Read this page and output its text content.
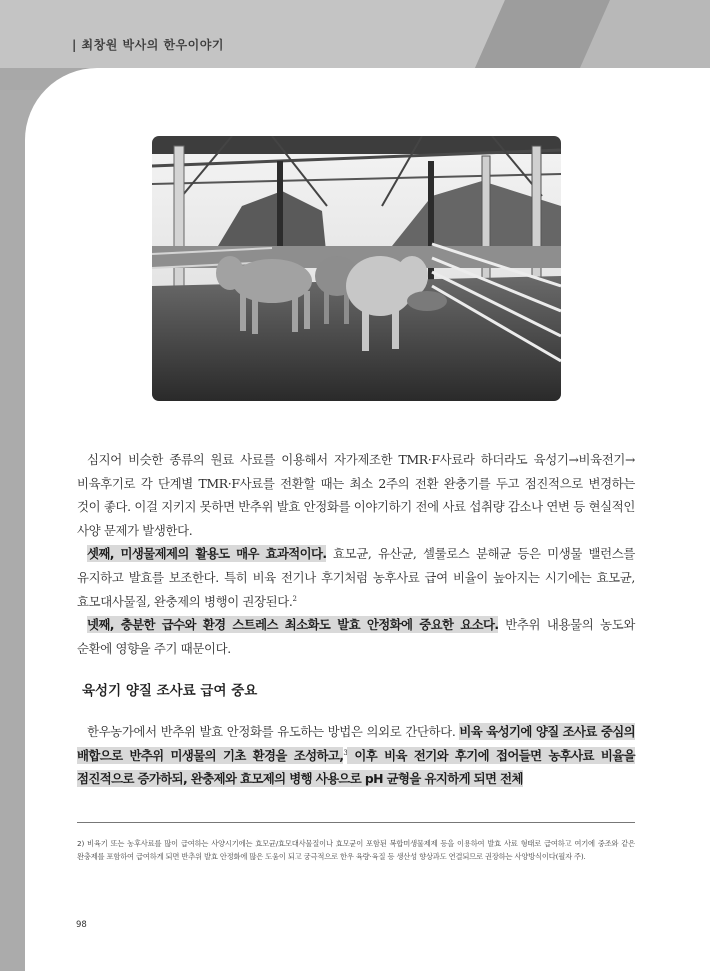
| 최창원 박사의 한우이야기

심지어 비슷한 종류의 원료 사료를 이용해서 자가제조한 TMR·F사료라 하더라도 육성기→비육전기→비육후기로 각 단계별 TMR·F사료를 전환할 때는 최소 2주의 전환 완충기를 두고 점진적으로 변경하는 것이 좋다. 이걸 지키지 못하면 반추위 발효 안정화를 이야기하기 전에 사료 섭취량 감소나 연변 등 현실적인 사양 문제가 발생한다.

셋째, 미생물제제의 활용도 매우 효과적이다. 효모균, 유산균, 셀룰로스 분해균 등은 미생물 밸런스를 유지하고 발효를 보조한다. 특히 비육 전기나 후기처럼 농후사료 급여 비율이 높아지는 시기에는 효모균, 효모대사물질, 완충제의 병행이 권장된다.$^2$

넷째, 충분한 급수와 환경 스트레스 최소화도 발효 안정화에 중요한 요소다. 반추위 내용물의 농도와 순환에 영향을 주기 때문이다.

육성기 양질 조사료 급여 중요

한우농가에서 반추위 발효 안정화를 유도하는 방법은 의외로 간단하다. 비육 육성기에 양질 조사료 중심의 배합으로 반추위 미생물의 기초 환경을 조성하고,$^3$ 이후 비육 전기와 후기에 접어들면 농후사료 비율을 점진적으로 증가하되, 완충제와 효모제의 병행 사용으로 pH 균형을 유지하게 되면 전체

2) 비육기 또는 농후사료를 많이 급여하는 사양시기에는 효모균/효모대사물질이나 효모균이 포함된 복합미생물제제 등을 이용하여 발효 사료 형태로 급여하고 여기에 중조와 같은 완충제를 포함하여 급여하게 되면 반추위 발효 안정화에 많은 도움이 되고 궁극적으로 한우 육량·육질 등 생산성 향상과도 연결되므로 권장하는 사양방식이다(필자 주).

98
